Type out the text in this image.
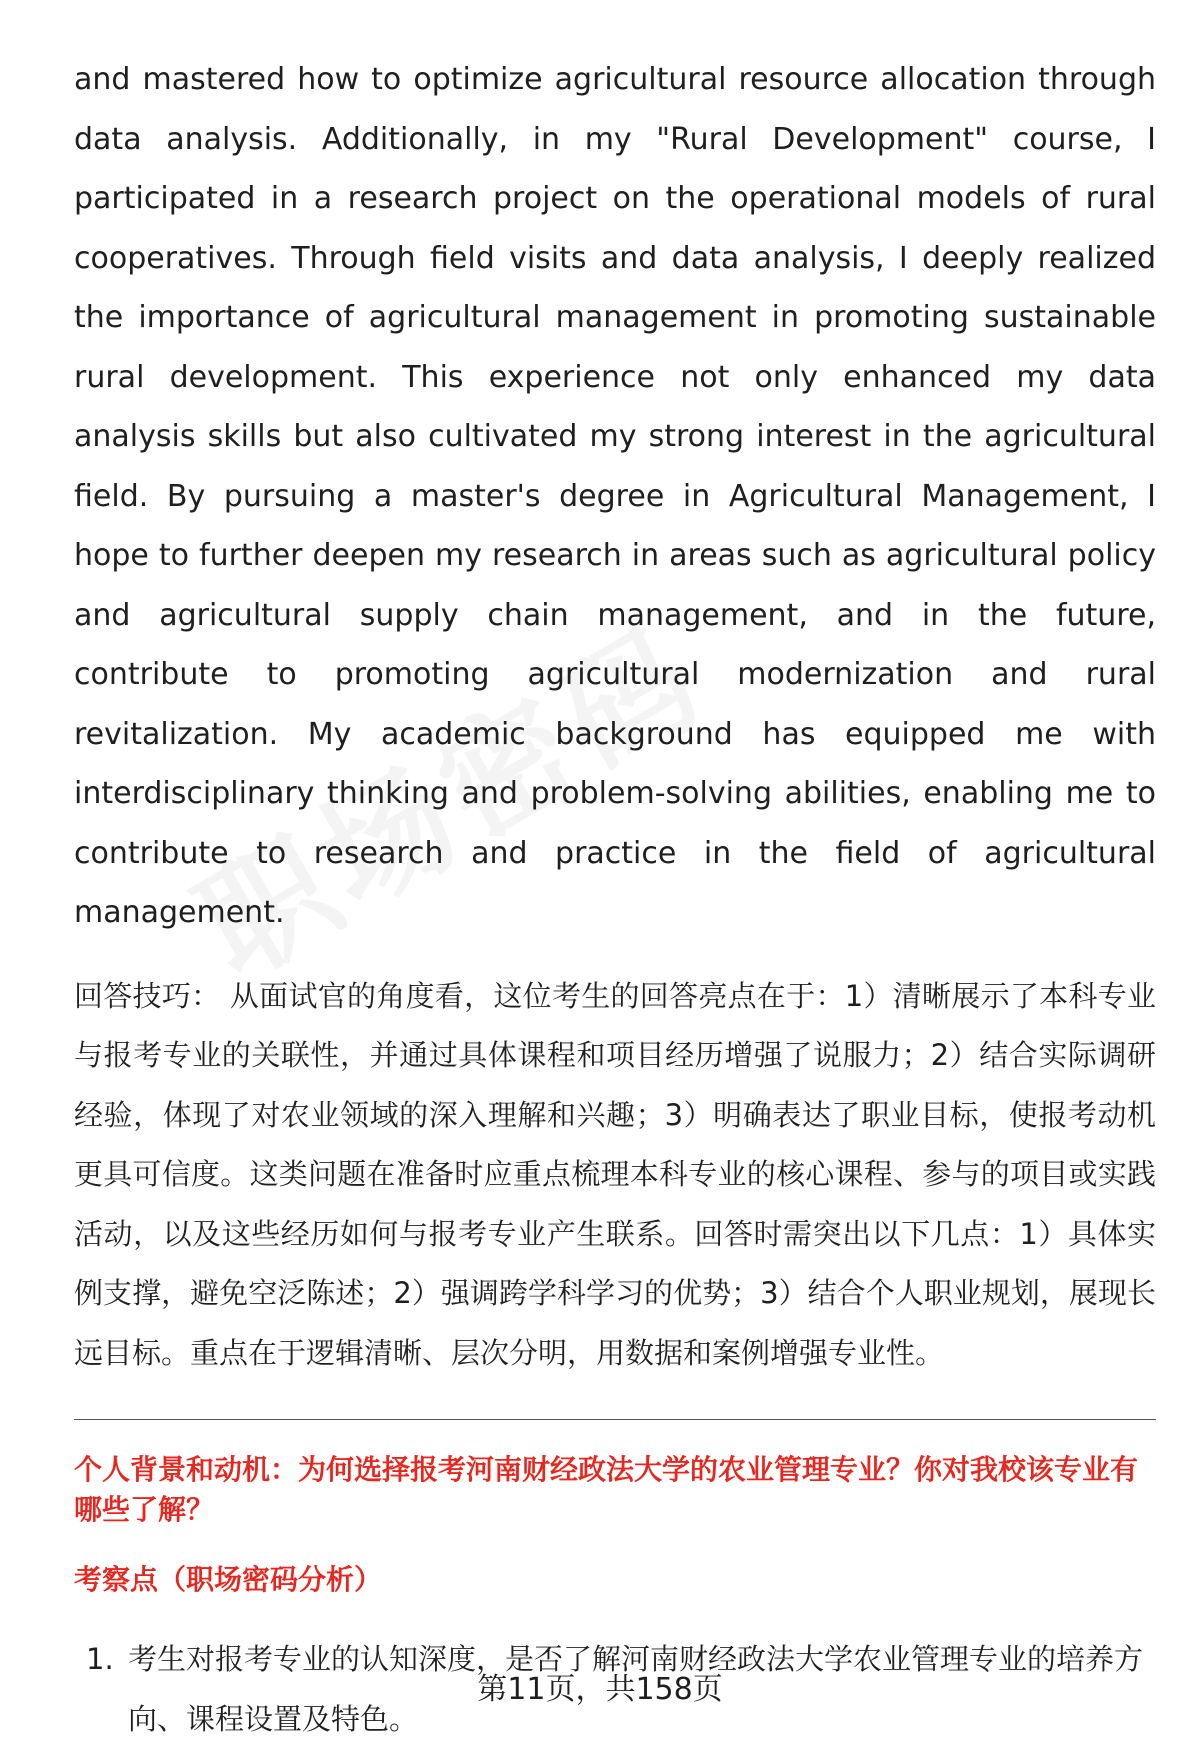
and mastered how to optimize agricultural resource allocation through data analysis. Additionally, in my "Rural Development" course, I participated in a research project on the operational models of rural cooperatives. Through field visits and data analysis, I deeply realized the importance of agricultural management in promoting sustainable rural development. This experience not only enhanced my data analysis skills but also cultivated my strong interest in the agricultural field. By pursuing a master's degree in Agricultural Management, I hope to further deepen my research in areas such as agricultural policy and agricultural supply chain management, and in the future, contribute to promoting agricultural modernization and rural revitalization. My academic background has equipped me with interdisciplinary thinking and problem-solving abilities, enabling me to contribute to research and practice in the field of agricultural management.

回答技巧： 从面试官的角度看，这位考生的回答亮点在于：1）清晰展示了本科专业与报考专业的关联性，并通过具体课程和项目经历增强了说服力；2）结合实际调研经验，体现了对农业领域的深入理解和兴趣；3）明确表达了职业目标，使报考动机更具可信度。这类问题在准备时应重点梳理本科专业的核心课程、参与的项目或实践活动，以及这些经历如何与报考专业产生联系。回答时需突出以下几点：1）具体实例支撑，避免空泛陈述；2）强调跨学科学习的优势；3）结合个人职业规划，展现长远目标。重点在于逻辑清晰、层次分明，用数据和案例增强专业性。

个人背景和动机：为何选择报考河南财经政法大学的农业管理专业？你对我校该专业有哪些了解？

考察点（职场密码分析）

1. 考生对报考专业的认知深度，是否了解河南财经政法大学农业管理专业的培养方向、课程设置及特色。
第11页，共158页
